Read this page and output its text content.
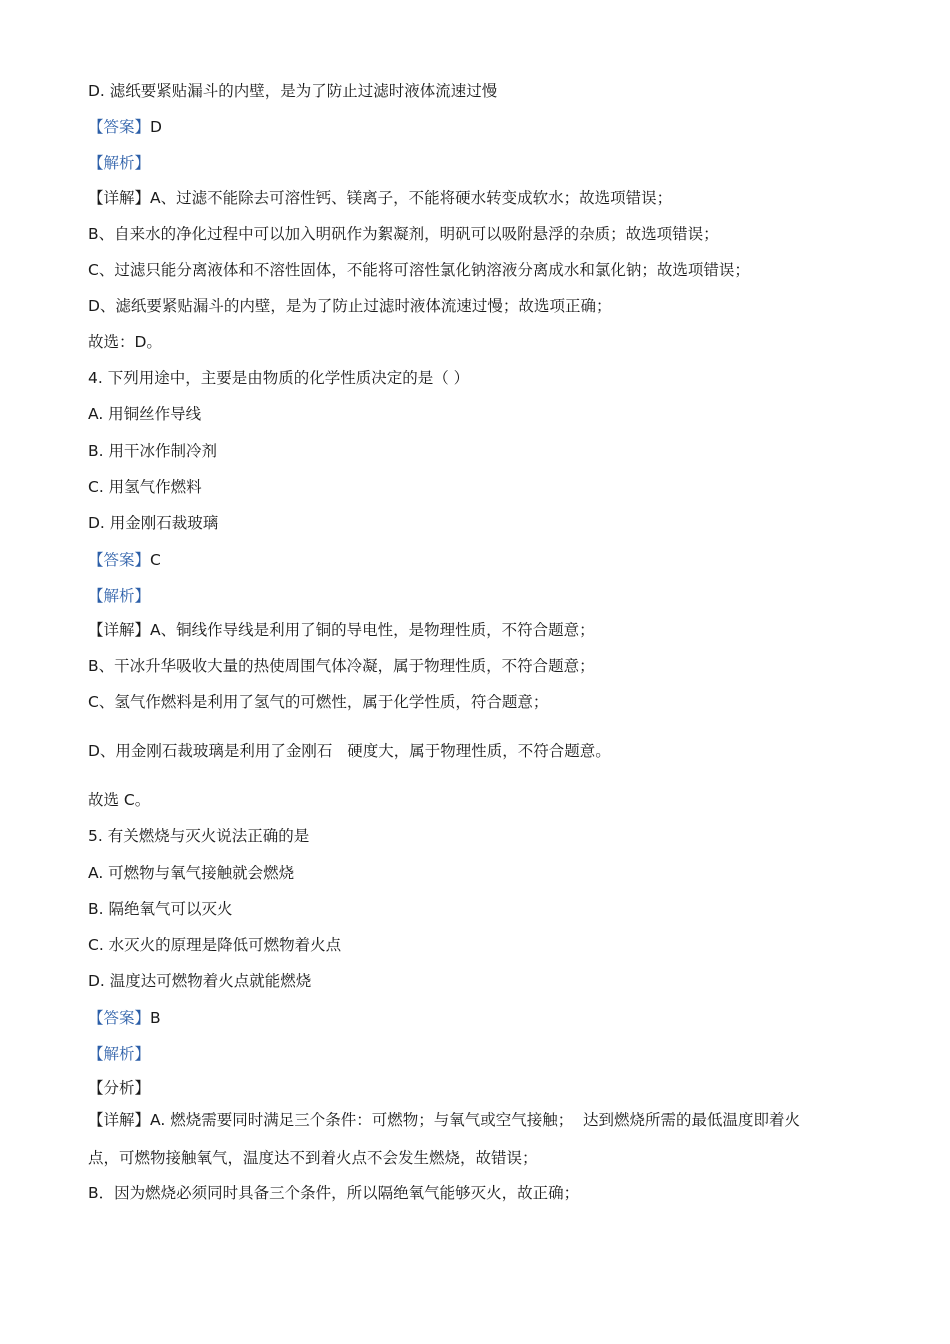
D. 滤纸要紧贴漏斗的内壁，是为了防止过滤时液体流速过慢
【答案】D
【解析】
【详解】A、过滤不能除去可溶性钙、镁离子，不能将硬水转变成软水；故选项错误；
B、自来水的净化过程中可以加入明矾作为絮凝剂，明矾可以吸附悬浮的杂质；故选项错误；
C、过滤只能分离液体和不溶性固体，不能将可溶性氯化钠溶液分离成水和氯化钠；故选项错误；
D、滤纸要紧贴漏斗的内壁，是为了防止过滤时液体流速过慢；故选项正确；
故选：D。
4. 下列用途中，主要是由物质的化学性质决定的是（ ）
A. 用铜丝作导线
B. 用干冰作制冷剂
C. 用氢气作燃料
D. 用金刚石裁玻璃
【答案】C
【解析】
【详解】A、铜线作导线是利用了铜的导电性，是物理性质，不符合题意；
B、干冰升华吸收大量的热使周围气体冷凝，属于物理性质，不符合题意；
C、氢气作燃料是利用了氢气的可燃性，属于化学性质，符合题意；
D、用金刚石裁玻璃是利用了金刚石   硬度大，属于物理性质，不符合题意。
故选 C。
5. 有关燃烧与灭火说法正确的是
A. 可燃物与氧气接触就会燃烧
B. 隔绝氧气可以灭火
C. 水灭火的原理是降低可燃物着火点
D. 温度达可燃物着火点就能燃烧
【答案】B
【解析】
【分析】
【详解】A. 燃烧需要同时满足三个条件：可燃物；与氧气或空气接触；  达到燃烧所需的最低温度即着火
点，可燃物接触氧气，温度达不到着火点不会发生燃烧，故错误；
B．因为燃烧必须同时具备三个条件，所以隔绝氧气能够灭火，故正确；
